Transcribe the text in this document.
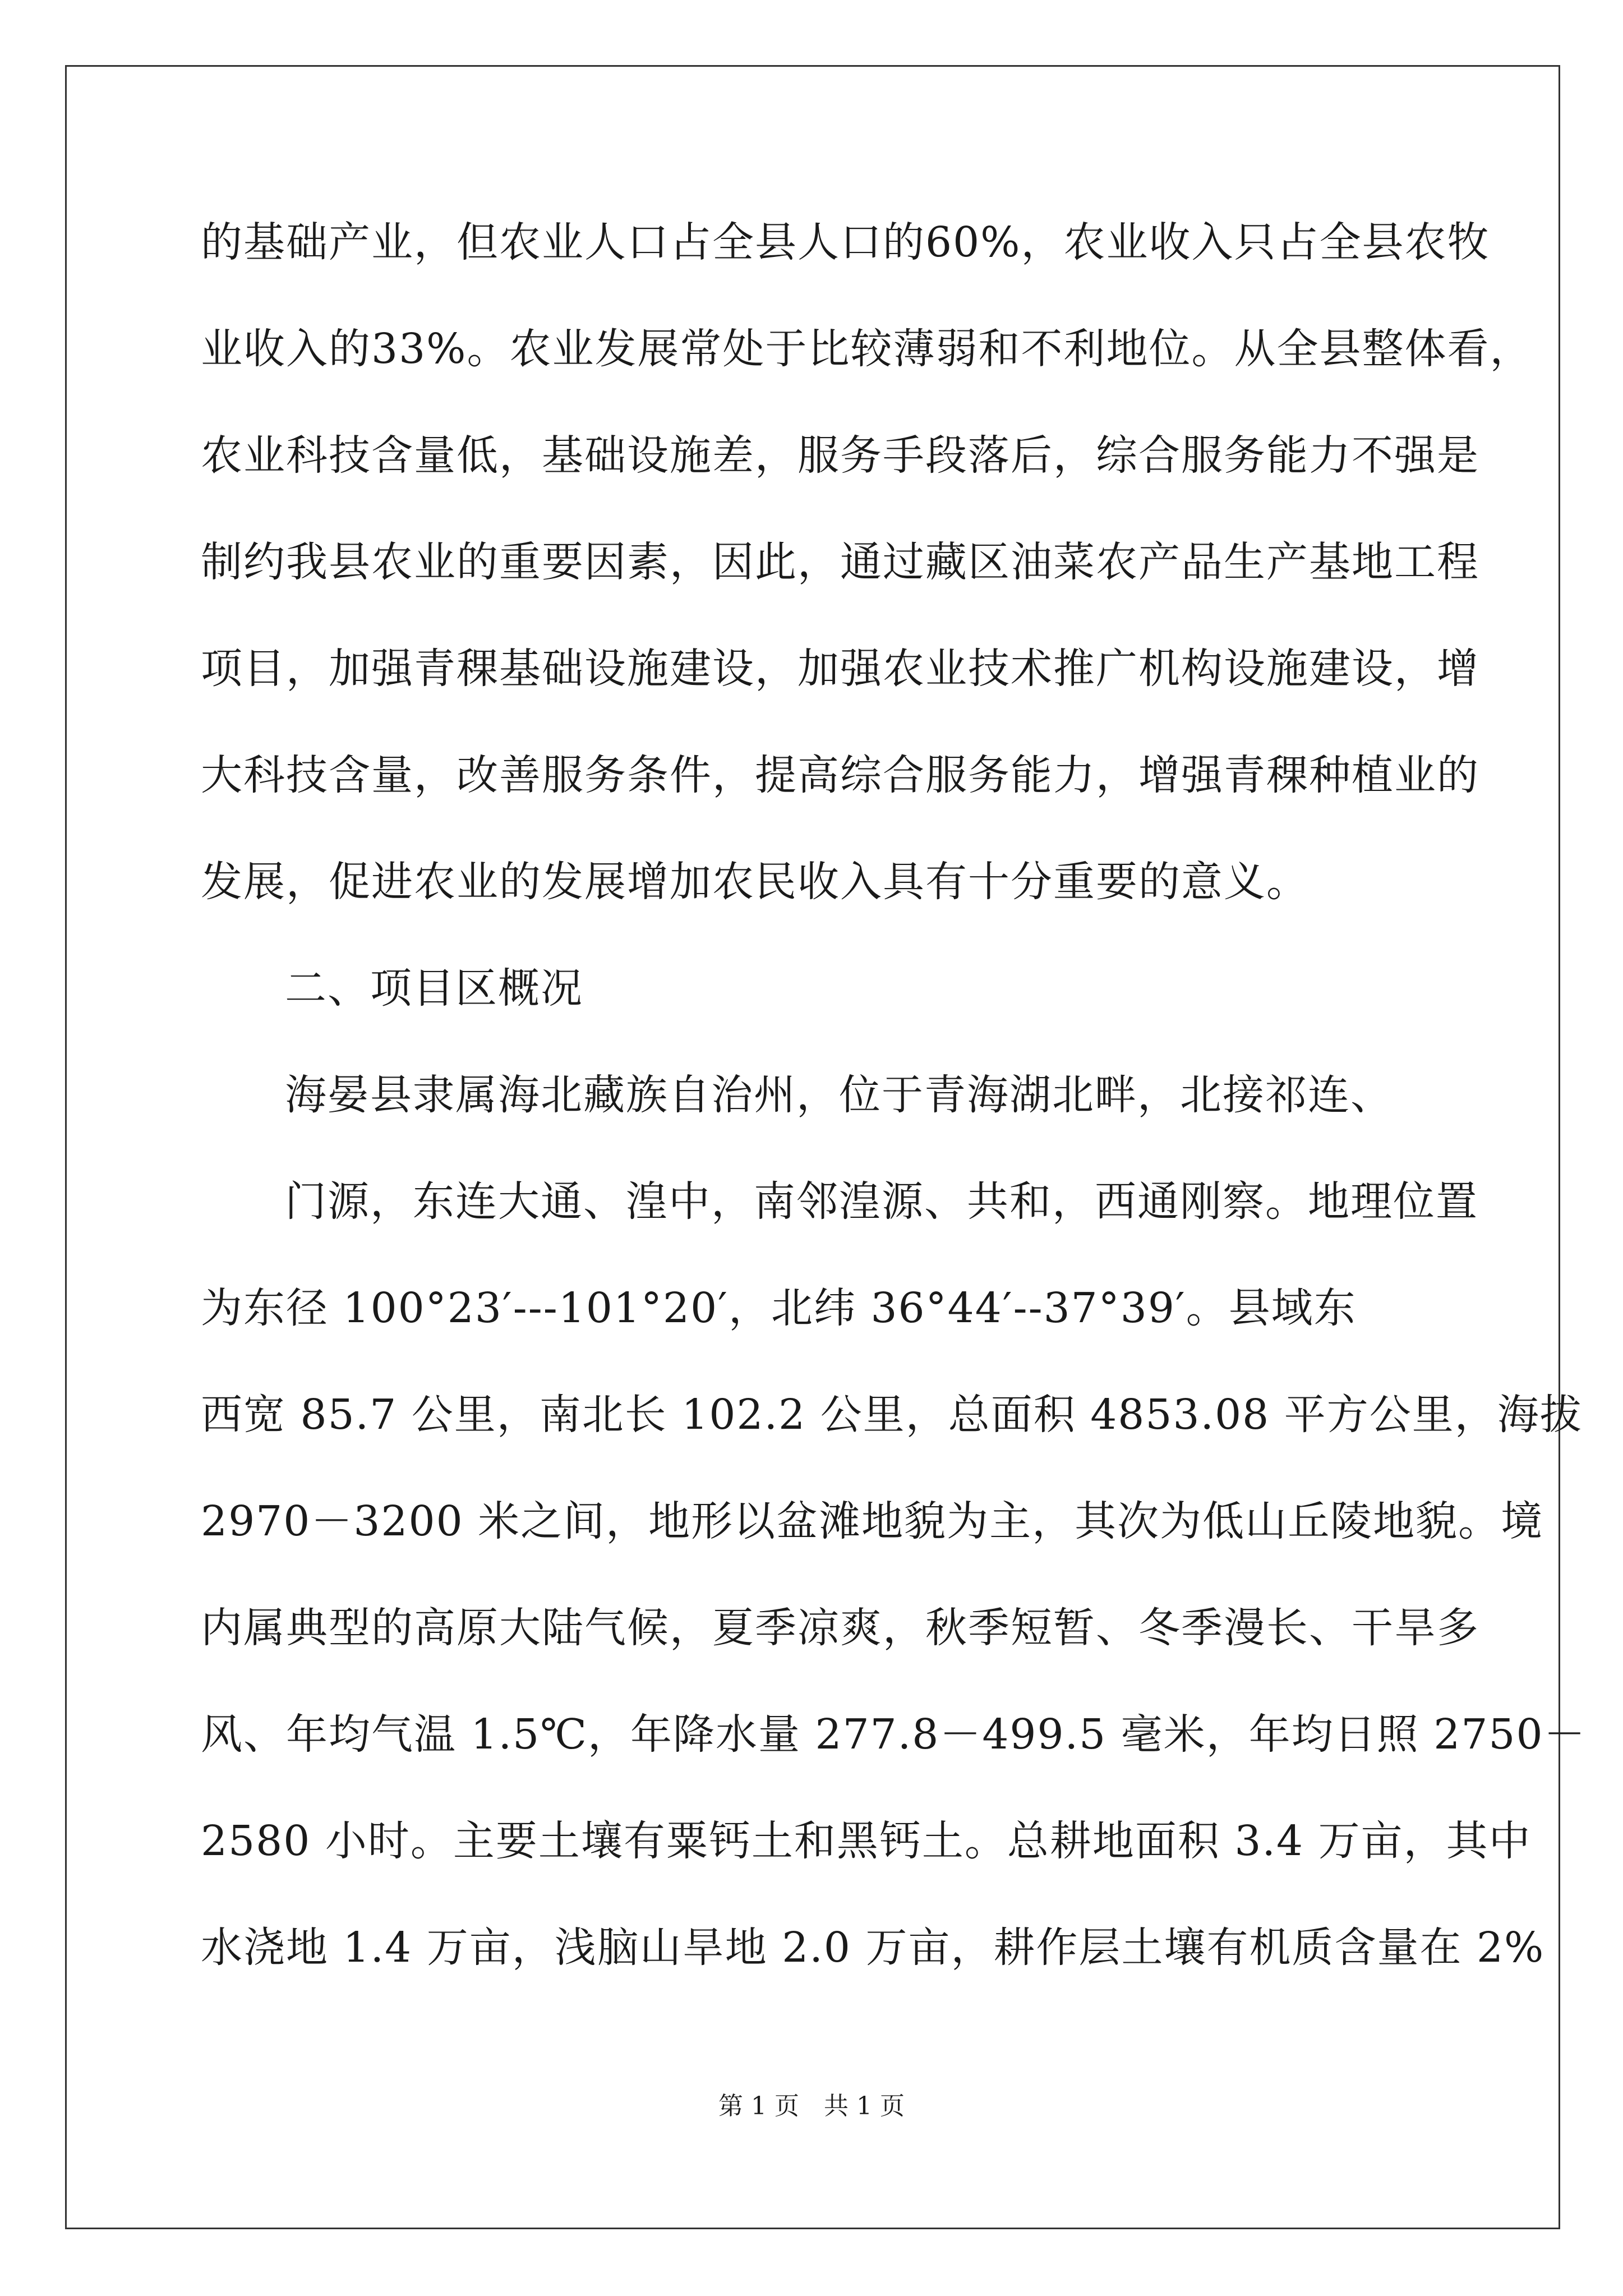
的基础产业，但农业人口占全县人口的60%，农业收入只占全县农牧
业收入的33%。农业发展常处于比较薄弱和不利地位。从全县整体看，
农业科技含量低，基础设施差，服务手段落后，综合服务能力不强是
制约我县农业的重要因素，因此，通过藏区油菜农产品生产基地工程
项目，加强青稞基础设施建设，加强农业技术推广机构设施建设，增
大科技含量，改善服务条件，提高综合服务能力，增强青稞种植业的
发展，促进农业的发展增加农民收入具有十分重要的意义。
二、项目区概况
海晏县隶属海北藏族自治州，位于青海湖北畔，北接祁连、
门源，东连大通、湟中，南邻湟源、共和，西通刚察。地理位置
为东径 100°23′---101°20′，北纬 36°44′--37°39′。县域东
西宽 85.7 公里，南北长 102.2 公里，总面积 4853.08 平方公里，海拔
2970－3200 米之间，地形以盆滩地貌为主，其次为低山丘陵地貌。境
内属典型的高原大陆气候，夏季凉爽，秋季短暂、冬季漫长、干旱多
风、年均气温 1.5℃，年降水量 277.8－499.5 毫米，年均日照 2750－
2580 小时。主要土壤有粟钙土和黑钙土。总耕地面积 3.4 万亩，其中
水浇地 1.4 万亩，浅脑山旱地 2.0 万亩，耕作层土壤有机质含量在 2%
第 1 页　共 1 页
